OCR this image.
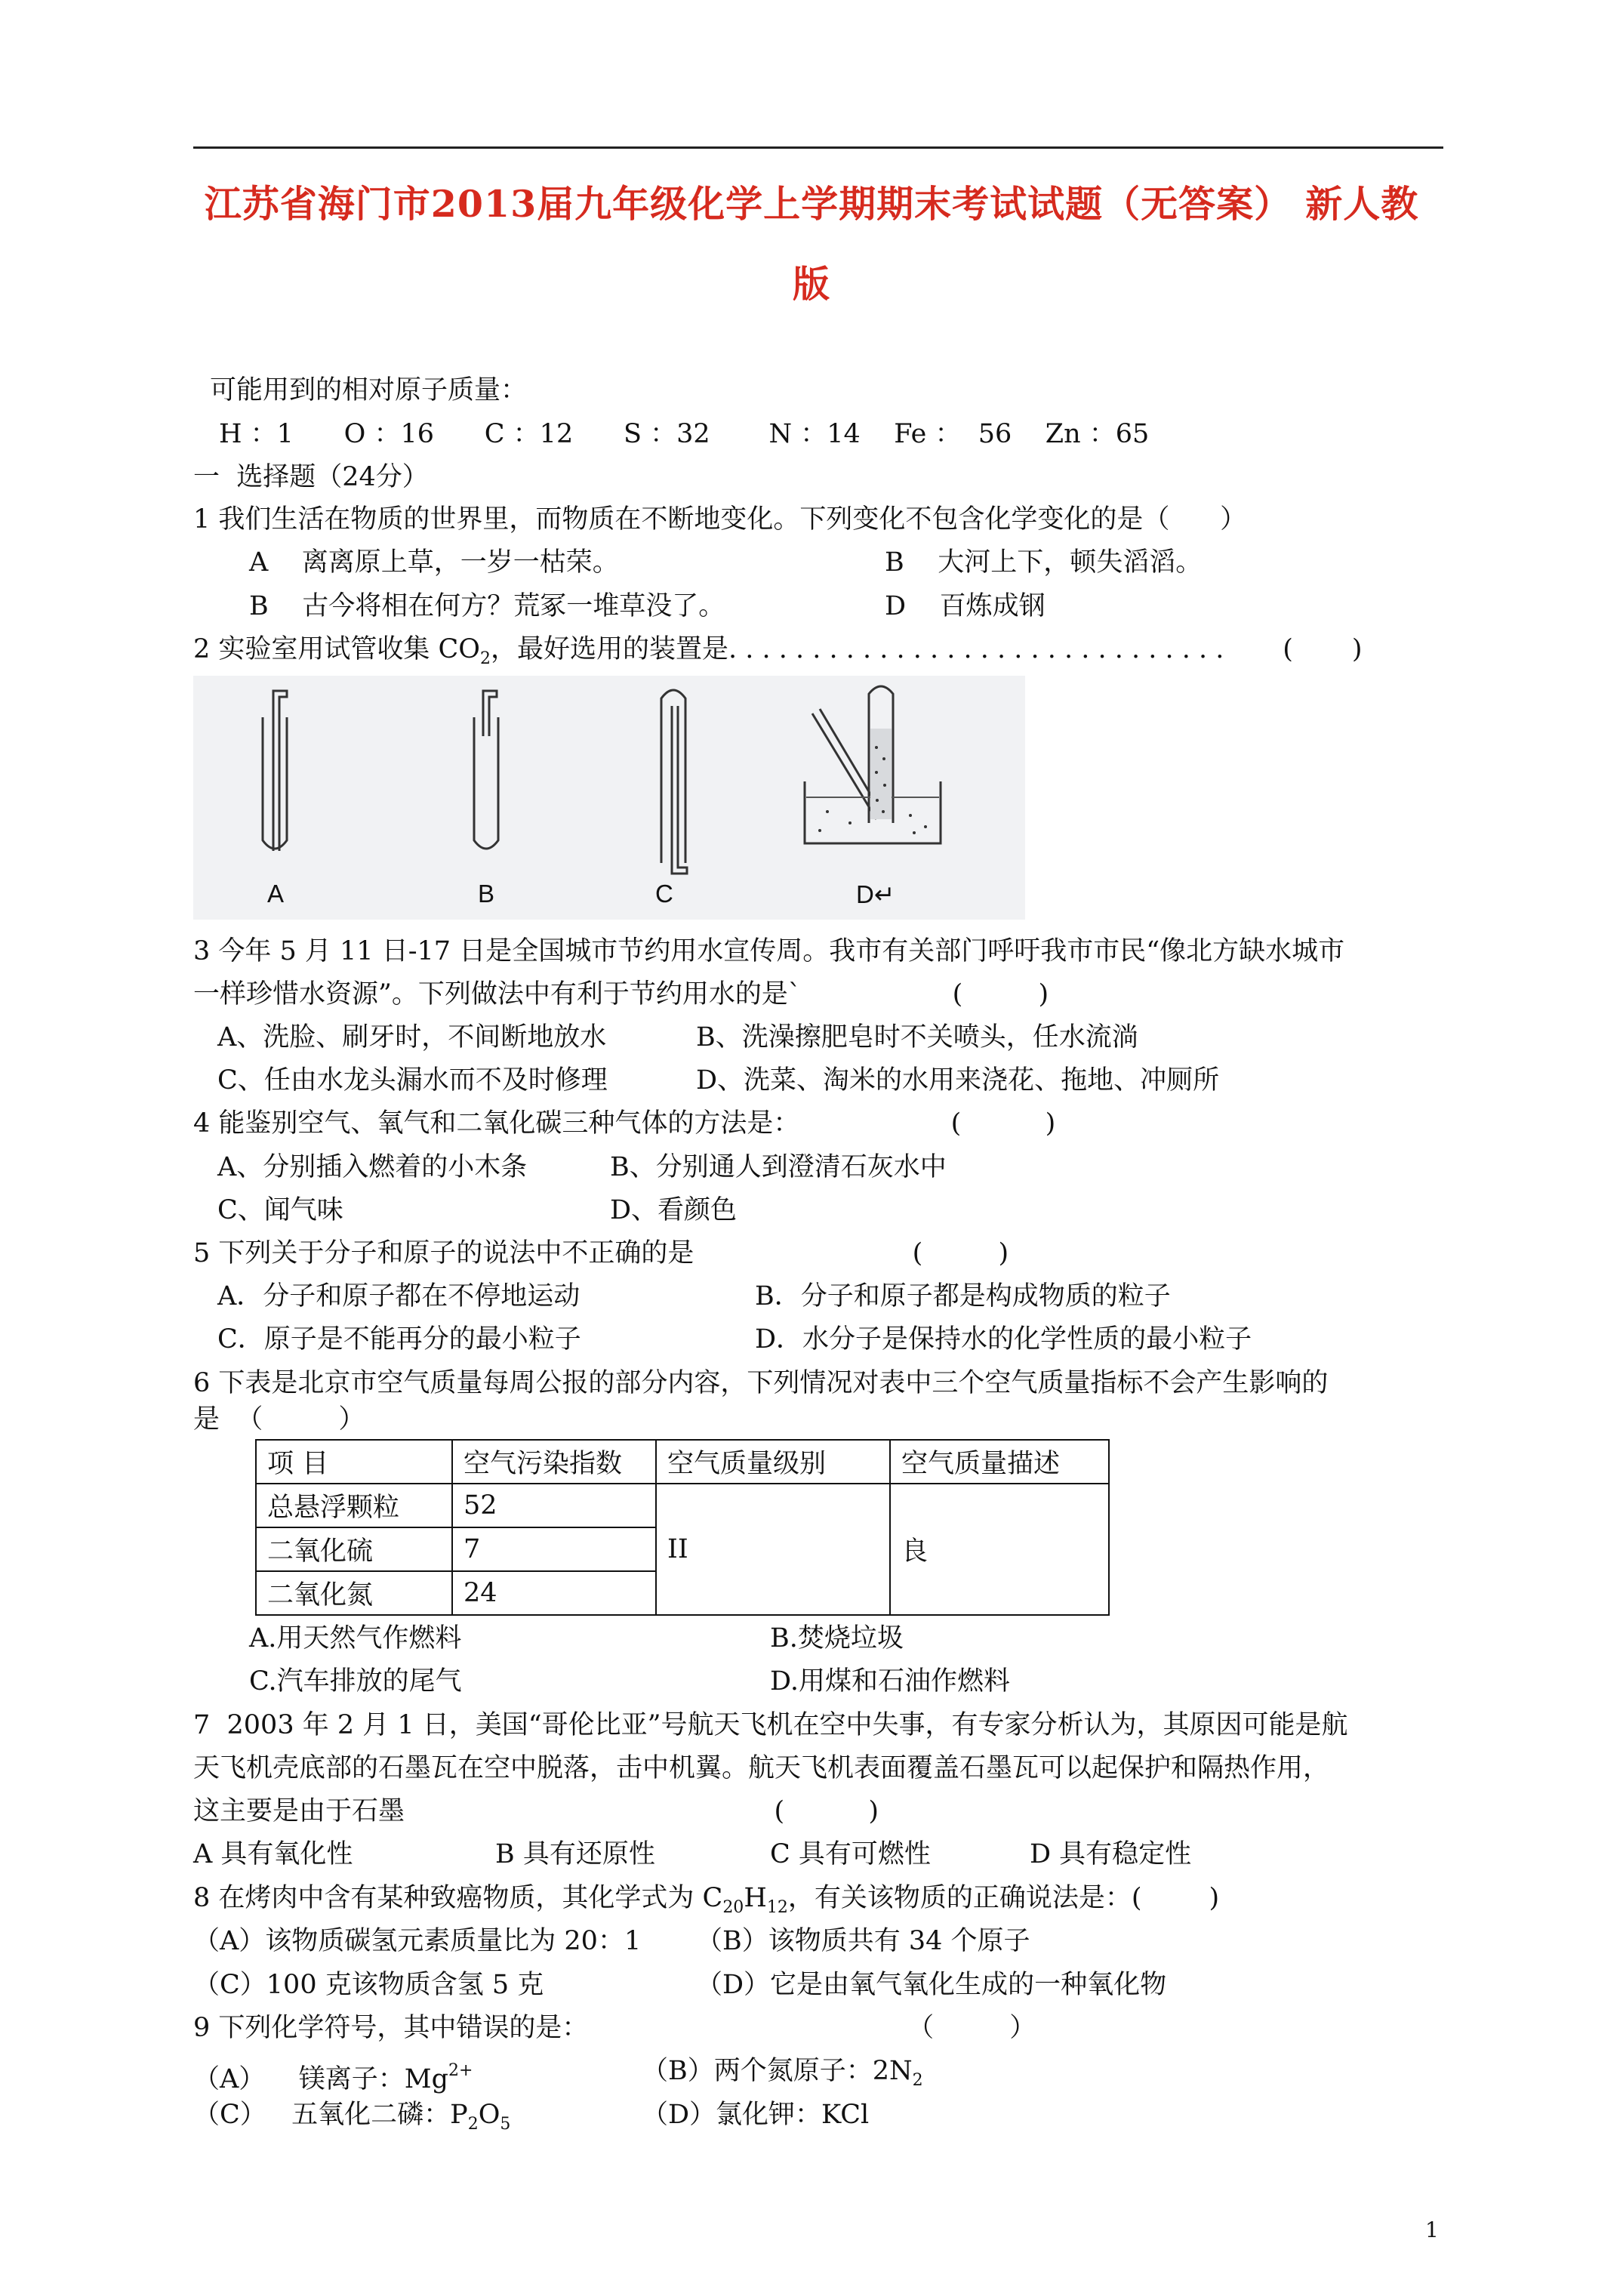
江苏省海门市2013届九年级化学上学期期末考试试题（无答案） 新人教
版
可能用到的相对原子质量：
H ：1      O ：16      C ：12      S ：32       N ：14    Fe ：  56    Zn ：65
一  选择题（24分）
1 我们生活在物质的世界里，而物质在不断地变化。下列变化不包含化学变化的是（      ）
A    离离原上草，一岁一枯荣。	B    大河上下，顿失滔滔。
B    古今将相在何方？荒冢一堆草没了。	D    百炼成钢
2 实验室用试管收集 $CO_2$，最好选用的装置是. . . . . . . . . . . . . . . . . . . . . . . . . . . . . .       (       )
A	B	C	D↵
3 今年 5 月 11 日-17 日是全国城市节约用水宣传周。我市有关部门呼吁我市市民“像北方缺水城市
一样珍惜水资源”。下列做法中有利于节约用水的是`                  (         )
A、洗脸、刷牙时，不间断地放水	B、洗澡擦肥皂时不关喷头，任水流淌
C、任由水龙头漏水而不及时修理	D、洗菜、淘米的水用来浇花、拖地、冲厕所
4 能鉴别空气、氧气和二氧化碳三种气体的方法是：                  (          )
A、分别插入燃着的小木条	B、分别通人到澄清石灰水中
C、闻气味	D、看颜色
5 下列关于分子和原子的说法中不正确的是                          (         )
A．分子和原子都在不停地运动	B．分子和原子都是构成物质的粒子
C．原子是不能再分的最小粒子	D．水分子是保持水的化学性质的最小粒子
6 下表是北京市空气质量每周公报的部分内容，下列情况对表中三个空气质量指标不会产生影响的
是  （         ）
项 目	空气污染指数	空气质量级别	空气质量描述
总悬浮颗粒	52	II	良
二氧化硫	7		
二氧化氮	24		
A.用天然气作燃料	B.焚烧垃圾
C.汽车排放的尾气	D.用煤和石油作燃料
7  2003 年 2 月 1 日，美国“哥伦比亚”号航天飞机在空中失事，有专家分析认为，其原因可能是航
天飞机壳底部的石墨瓦在空中脱落，击中机翼。航天飞机表面覆盖石墨瓦可以起保护和隔热作用，
这主要是由于石墨                                            (          )
A 具有氧化性	B 具有还原性	C 具有可燃性	D 具有稳定性
8 在烤肉中含有某种致癌物质，其化学式为 $C_{20}H_{12}$，有关该物质的正确说法是：(        )
（A）该物质碳氢元素质量比为 20：1 （B）该物质共有 34 个原子
（C）100 克该物质含氢 5 克	（D）它是由氧气氧化生成的一种氧化物
9 下列化学符号，其中错误的是：                                      （         ）
（A）    镁离子：$Mg^{2+}$	（B）两个氮原子：$2N_2$
（C）   五氧化二磷：$P_2O_5$	（D）氯化钾：KCl
1
